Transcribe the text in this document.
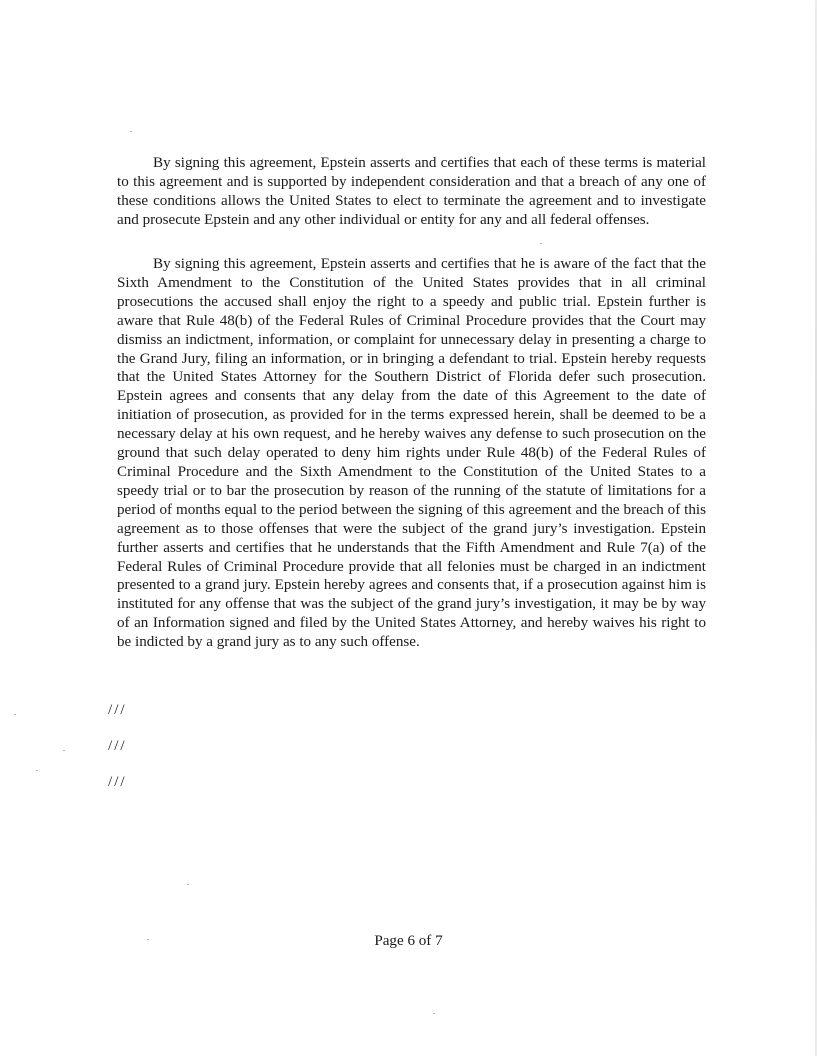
By signing this agreement, Epstein asserts and certifies that each of these terms is material to this agreement and is supported by independent consideration and that a breach of any one of these conditions allows the United States to elect to terminate the agreement and to investigate and prosecute Epstein and any other individual or entity for any and all federal offenses.

By signing this agreement, Epstein asserts and certifies that he is aware of the fact that the Sixth Amendment to the Constitution of the United States provides that in all criminal prosecutions the accused shall enjoy the right to a speedy and public trial. Epstein further is aware that Rule 48(b) of the Federal Rules of Criminal Procedure provides that the Court may dismiss an indictment, information, or complaint for unnecessary delay in presenting a charge to the Grand Jury, filing an information, or in bringing a defendant to trial. Epstein hereby requests that the United States Attorney for the Southern District of Florida defer such prosecution. Epstein agrees and consents that any delay from the date of this Agreement to the date of initiation of prosecution, as provided for in the terms expressed herein, shall be deemed to be a necessary delay at his own request, and he hereby waives any defense to such prosecution on the ground that such delay operated to deny him rights under Rule 48(b) of the Federal Rules of Criminal Procedure and the Sixth Amendment to the Constitution of the United States to a speedy trial or to bar the prosecution by reason of the running of the statute of limitations for a period of months equal to the period between the signing of this agreement and the breach of this agreement as to those offenses that were the subject of the grand jury’s investigation. Epstein further asserts and certifies that he understands that the Fifth Amendment and Rule 7(a) of the Federal Rules of Criminal Procedure provide that all felonies must be charged in an indictment presented to a grand jury. Epstein hereby agrees and consents that, if a prosecution against him is instituted for any offense that was the subject of the grand jury’s investigation, it may be by way of an Information signed and filed by the United States Attorney, and hereby waives his right to be indicted by a grand jury as to any such offense.

///

///

///

Page 6 of 7
